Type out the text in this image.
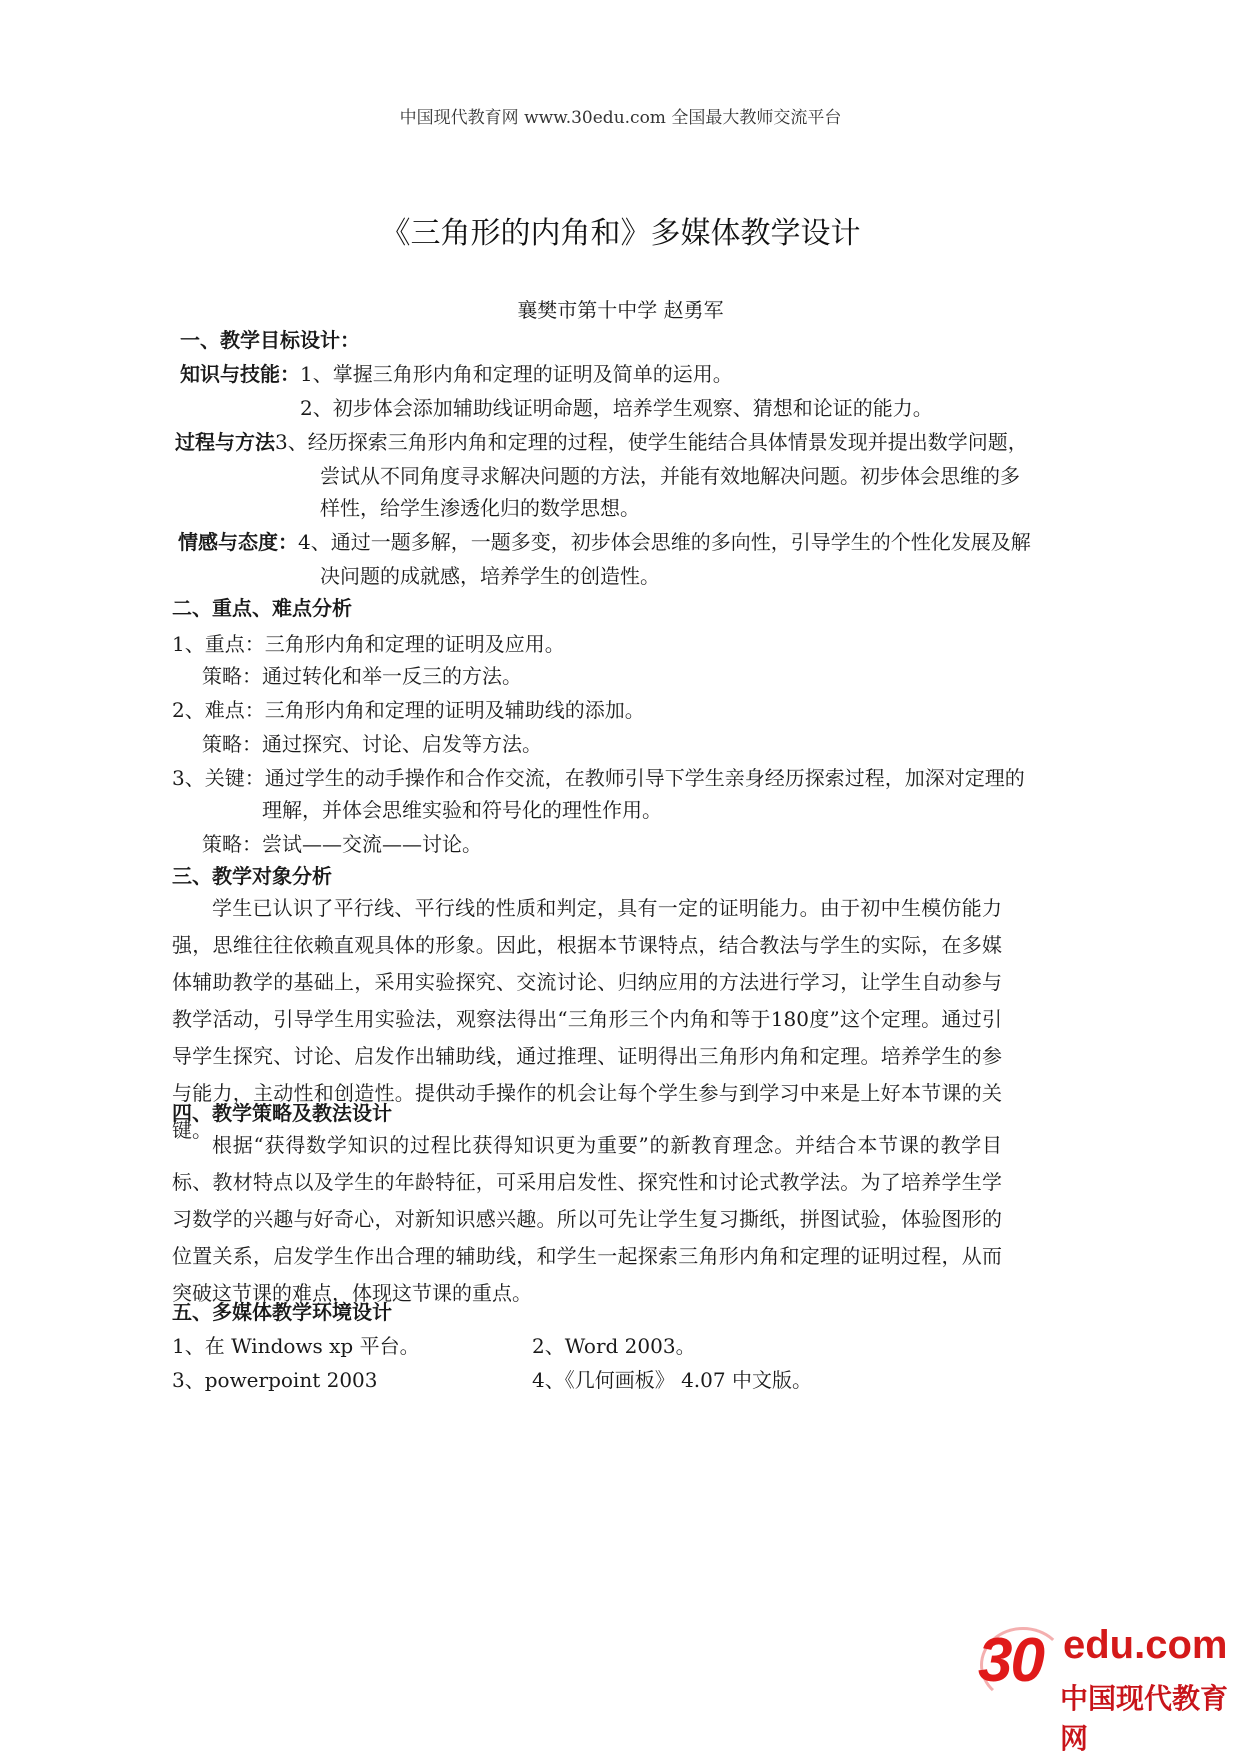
中国现代教育网 www.30edu.com 全国最大教师交流平台
《三角形的内角和》多媒体教学设计
襄樊市第十中学 赵勇军
一、教学目标设计：
知识与技能：1、掌握三角形内角和定理的证明及简单的运用。
2、初步体会添加辅助线证明命题，培养学生观察、猜想和论证的能力。
过程与方法3、经历探索三角形内角和定理的过程，使学生能结合具体情景发现并提出数学问题，
尝试从不同角度寻求解决问题的方法，并能有效地解决问题。初步体会思维的多
样性，给学生渗透化归的数学思想。
情感与态度：4、通过一题多解，一题多变，初步体会思维的多向性，引导学生的个性化发展及解
决问题的成就感，培养学生的创造性。
二、重点、难点分析
1、重点：三角形内角和定理的证明及应用。
策略：通过转化和举一反三的方法。
2、难点：三角形内角和定理的证明及辅助线的添加。
策略：通过探究、讨论、启发等方法。
3、关键：通过学生的动手操作和合作交流，在教师引导下学生亲身经历探索过程，加深对定理的
理解，并体会思维实验和符号化的理性作用。
策略：尝试——交流——讨论。
三、教学对象分析
学生已认识了平行线、平行线的性质和判定，具有一定的证明能力。由于初中生模仿能力强，思维往往依赖直观具体的形象。因此，根据本节课特点，结合教法与学生的实际，在多媒体辅助教学的基础上，采用实验探究、交流讨论、归纳应用的方法进行学习，让学生自动参与教学活动，引导学生用实验法，观察法得出“三角形三个内角和等于180度”这个定理。通过引导学生探究、讨论、启发作出辅助线，通过推理、证明得出三角形内角和定理。培养学生的参与能力，主动性和创造性。提供动手操作的机会让每个学生参与到学习中来是上好本节课的关键。
四、教学策略及教法设计
根据“获得数学知识的过程比获得知识更为重要”的新教育理念。并结合本节课的教学目标、教材特点以及学生的年龄特征，可采用启发性、探究性和讨论式教学法。为了培养学生学习数学的兴趣与好奇心，对新知识感兴趣。所以可先让学生复习撕纸，拼图试验，体验图形的位置关系，启发学生作出合理的辅助线，和学生一起探索三角形内角和定理的证明过程，从而突破这节课的难点，体现这节课的重点。
五、多媒体教学环境设计
1、在 Windows xp 平台。	2、Word 2003。
3、powerpoint 2003	4、《几何画板》 4.07 中文版。
30 edu.com
中国现代教育网
